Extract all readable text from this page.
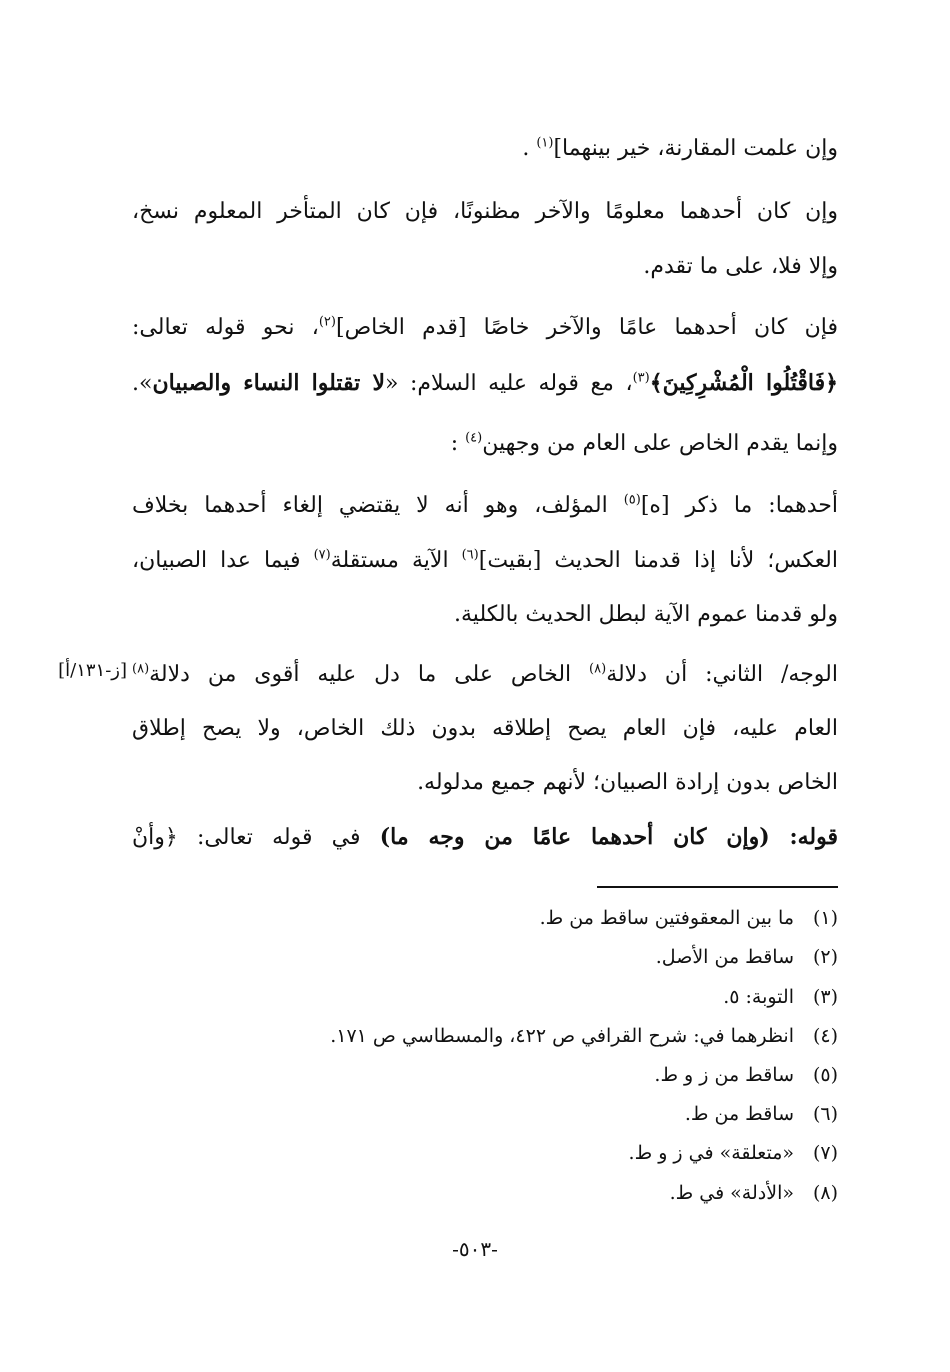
وإن علمت المقارنة، خير بينهما]$^{(١)}$ .

وإن كان أحدهما معلومًا والآخر مظنونًا، فإن كان المتأخر المعلوم نسخ،

وإلا فلا، على ما تقدم.

فإن كان أحدهما عامًا والآخر خاصًا [قدم الخاص]$^{(٢)}$، نحو قوله تعالى:

﴿فَاقْتُلُوا الْمُشْرِكِينَ﴾$^{(٣)}$، مع قوله عليه السلام: «لا تقتلوا النساء والصبيان».

وإنما يقدم الخاص على العام من وجهين$^{(٤)}$ :

أحدهما: ما ذكر [ه]$^{(٥)}$ المؤلف، وهو أنه لا يقتضي إلغاء أحدهما بخلاف

العكس؛ لأنا إذا قدمنا الحديث [بقيت]$^{(٦)}$ الآية مستقلة$^{(٧)}$ فيما عدا الصبيان،

ولو قدمنا عموم الآية لبطل الحديث بالكلية.

الوجه/ الثاني: أن دلالة$^{(٨)}$ الخاص على ما دل عليه أقوى من دلالة$^{(٨)}$

[ز-١٣١/أ]

العام عليه، فإن العام يصح إطلاقه بدون ذلك الخاص، ولا يصح إطلاق

الخاص بدون إرادة الصبيان؛ لأنهم جميع مدلوله.

قوله: (وإن كان أحدهما عامًا من وجه ما) في قوله تعالى: ﴿وأنْ

(١)ما بين المعقوفتين ساقط من ط.

(٢)ساقط من الأصل.

(٣)التوبة: ٥.

(٤)انظرهما في: شرح القرافي ص ٤٢٢، والمسطاسي ص ١٧١.

(٥)ساقط من ز و ط.

(٦)ساقط من ط.

(٧)«متعلقة» في ز و ط.

(٨)«الأدلة» في ط.

-٥٠٣-
